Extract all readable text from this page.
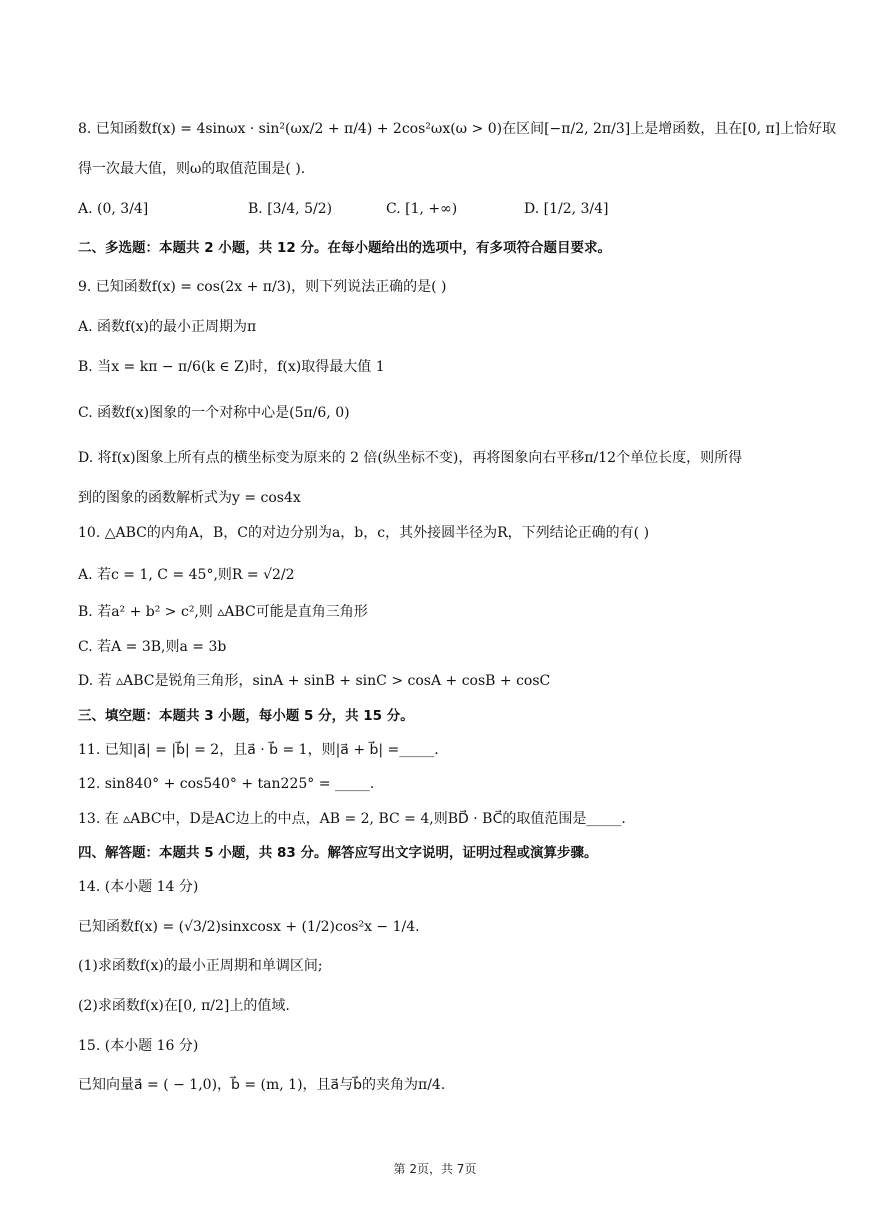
8. 已知函数f(x) = 4sinωx · sin²(ωx/2 + π/4) + 2cos²ωx(ω > 0)在区间[−π/2, 2π/3]上是增函数，且在[0, π]上恰好取
得一次最大值，则ω的取值范围是( ).
A. (0, 3/4]	B. [3/4, 5/2)	C. [1, +∞)	D. [1/2, 3/4]
二、多选题：本题共 2 小题，共 12 分。在每小题给出的选项中，有多项符合题目要求。
9. 已知函数f(x) = cos(2x + π/3)，则下列说法正确的是( )
A. 函数f(x)的最小正周期为π
B. 当x = kπ − π/6(k ∈ Z)时，f(x)取得最大值 1
C. 函数f(x)图象的一个对称中心是(5π/6, 0)
D. 将f(x)图象上所有点的横坐标变为原来的 2 倍(纵坐标不变)，再将图象向右平移π/12个单位长度，则所得
到的图象的函数解析式为y = cos4x
10. △ABC的内角A，B，C的对边分别为a，b，c，其外接圆半径为R，下列结论正确的有( )
A. 若c = 1, C = 45°,则R = √2/2
B. 若a² + b² > c²,则 ▵ABC可能是直角三角形
C. 若A = 3B,则a = 3b
D. 若 ▵ABC是锐角三角形，sinA + sinB + sinC > cosA + cosB + cosC
三、填空题：本题共 3 小题，每小题 5 分，共 15 分。
11. 已知|a⃗| = |b⃗| = 2，且a⃗ · b⃗ = 1，则|a⃗ + b⃗| =_____.
12. sin840° + cos540° + tan225° = _____.
13. 在 ▵ABC中，D是AC边上的中点，AB = 2, BC = 4,则BD⃗ · BC⃗的取值范围是_____.
四、解答题：本题共 5 小题，共 83 分。解答应写出文字说明，证明过程或演算步骤。
14. (本小题 14 分)
已知函数f(x) = (√3/2)sinxcosx + (1/2)cos²x − 1/4.
(1)求函数f(x)的最小正周期和单调区间;
(2)求函数f(x)在[0, π/2]上的值域.
15. (本小题 16 分)
已知向量a⃗ = ( − 1,0)，b⃗ = (m, 1)，且a⃗与b⃗的夹角为π/4.
第 2页，共 7页
